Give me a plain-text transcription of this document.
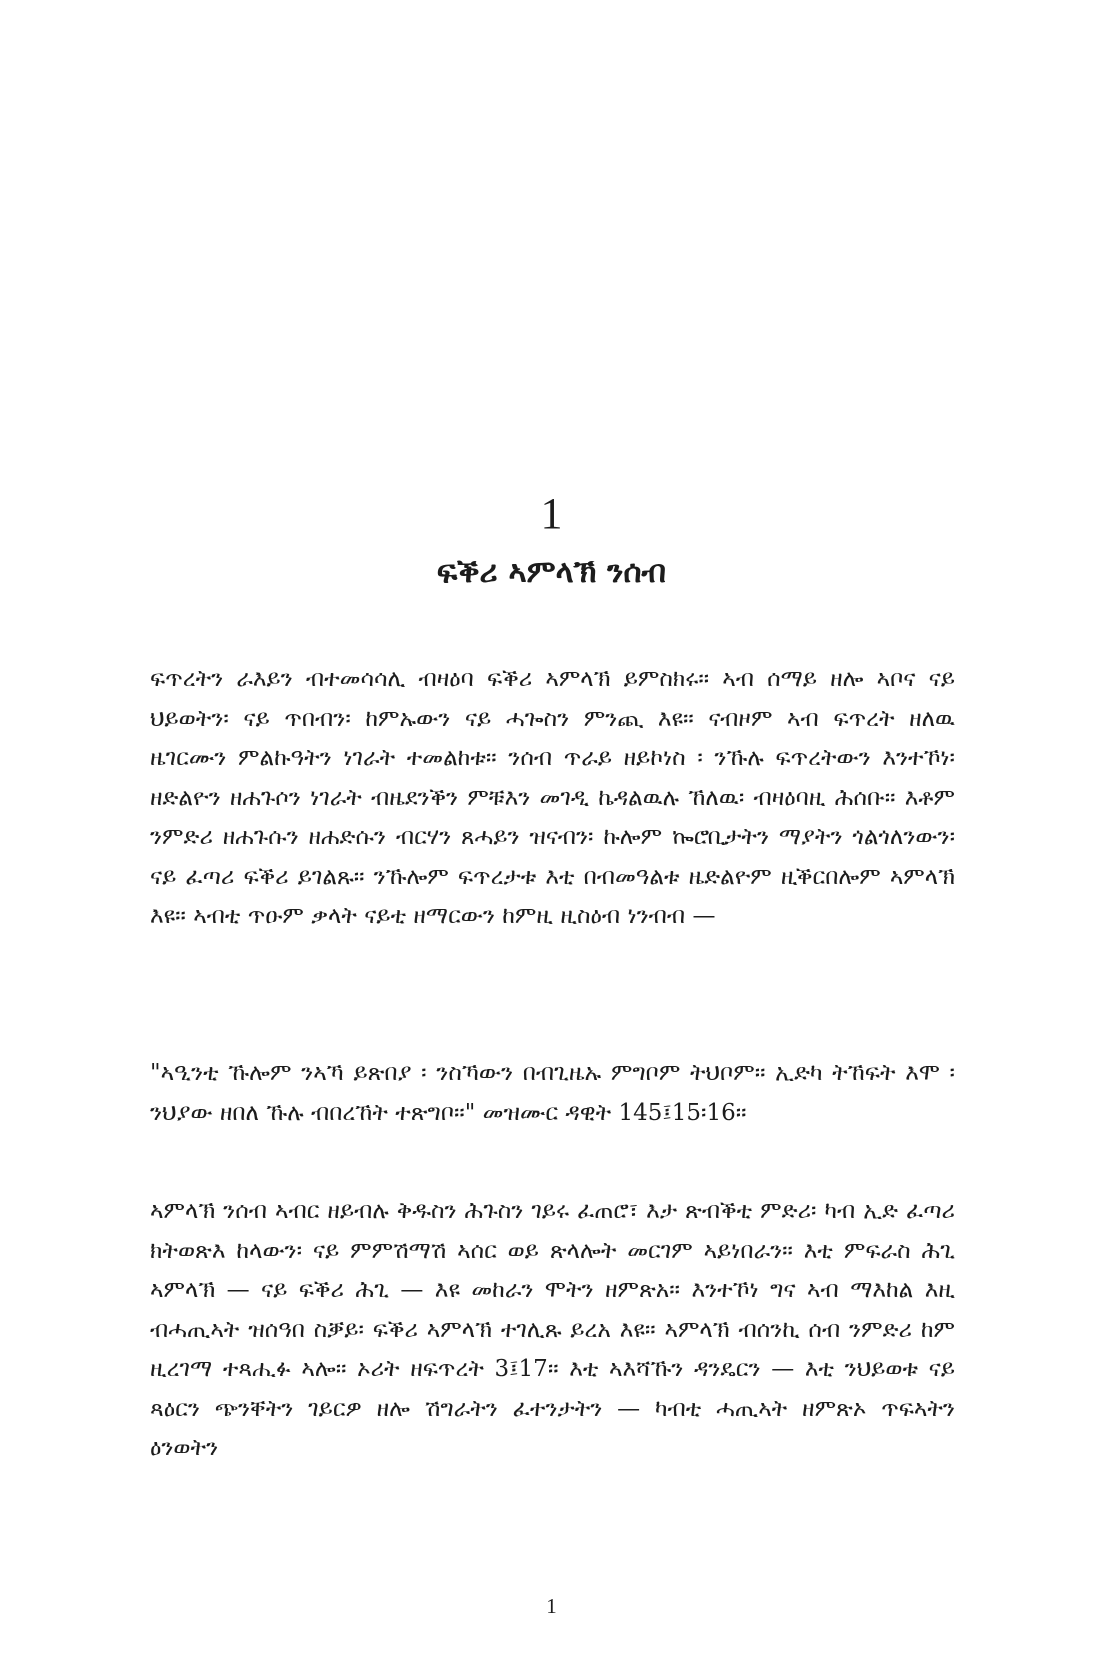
1
ፍቕሪ ኣምላኽ ንሰብ

ፍጥረትን ራእይን ብተመሳሳሊ ብዛዕባ ፍቕሪ ኣምላኽ ይምስክሩ። ኣብ ሰማይ ዘሎ ኣቦና ናይ ህይወትን፡ ናይ ጥበብን፡ ከምኡውን ናይ ሓጐስን ምንጪ እዩ። ናብዞም ኣብ ፍጥረት ዘለዉ ዜገርሙን ምልኩዓትን ነገራት ተመልከቱ። ንሰብ ጥራይ ዘይኮነስ ፡ ንኹሉ ፍጥረትውን እንተኾነ፡ ዘድልዮን ዘሐጉሶን ነገራት ብዜደንቕን ምቹእን መገዲ ኬዳልዉሉ ኸለዉ፡ ብዛዕባዚ ሕሰቡ። እቶም ንምድሪ ዘሐጉሱን ዘሐድሱን ብርሃን ጸሓይን ዝናብን፡ ኩሎም ኰሮቢታትን ማያትን ጎልጎለንውን፡ ናይ ፈጣሪ ፍቕሪ ይገልጹ። ንኹሎም ፍጥረታቱ እቲ በብመዓልቱ ዜድልዮም ዚቕርበሎም ኣምላኽ እዩ። ኣብቲ ጥዑም ቃላት ናይቲ ዘማርውን ከምዚ ዚስዕብ ነንብብ —

"ኣዒንቲ ኹሎም ንኣኻ ይጽበያ ፡ ንስኻውን በብጊዜኡ ምግቦም ትህቦም። ኢድካ ትኸፍት እሞ ፡ ንህያው ዘበለ ኹሉ ብበረኸት ተጽግቦ።" መዝሙር ዳዊት 145፤15፡16።

ኣምላኽ ንሰብ ኣብር ዘይብሉ ቅዱስን ሕጉስን ገይሩ ፈጠሮ፣ እታ ጽብቕቲ ምድሪ፡ ካብ ኢድ ፈጣሪ ክትወጽእ ከላውን፡ ናይ ምምሽማሽ ኣሰር ወይ ጽላሎት መርገም ኣይነበራን። እቲ ምፍራስ ሕጊ ኣምላኽ — ናይ ፍቕሪ ሕጊ — እዩ መከራን ሞትን ዘምጽአ። እንተኾነ ግና ኣብ ማእከል እዚ ብሓጢኣት ዝሰዓበ ስቓይ፡ ፍቕሪ ኣምላኽ ተገሊጹ ይረአ እዩ። ኣምላኽ ብሰንኪ ሰብ ንምድሪ ከም ዚረገማ ተጻሒፉ ኣሎ። ኦሪት ዘፍጥረት 3፤17። እቲ ኣእሻኹን ዳንዴርን — እቲ ንህይወቱ ናይ ጻዕርን ጭንቐትን ገይርዎ ዘሎ ሽግራትን ፈተንታትን — ካብቲ ሓጢኣት ዘምጽኦ ጥፍኣትን ዕንወትን

1
